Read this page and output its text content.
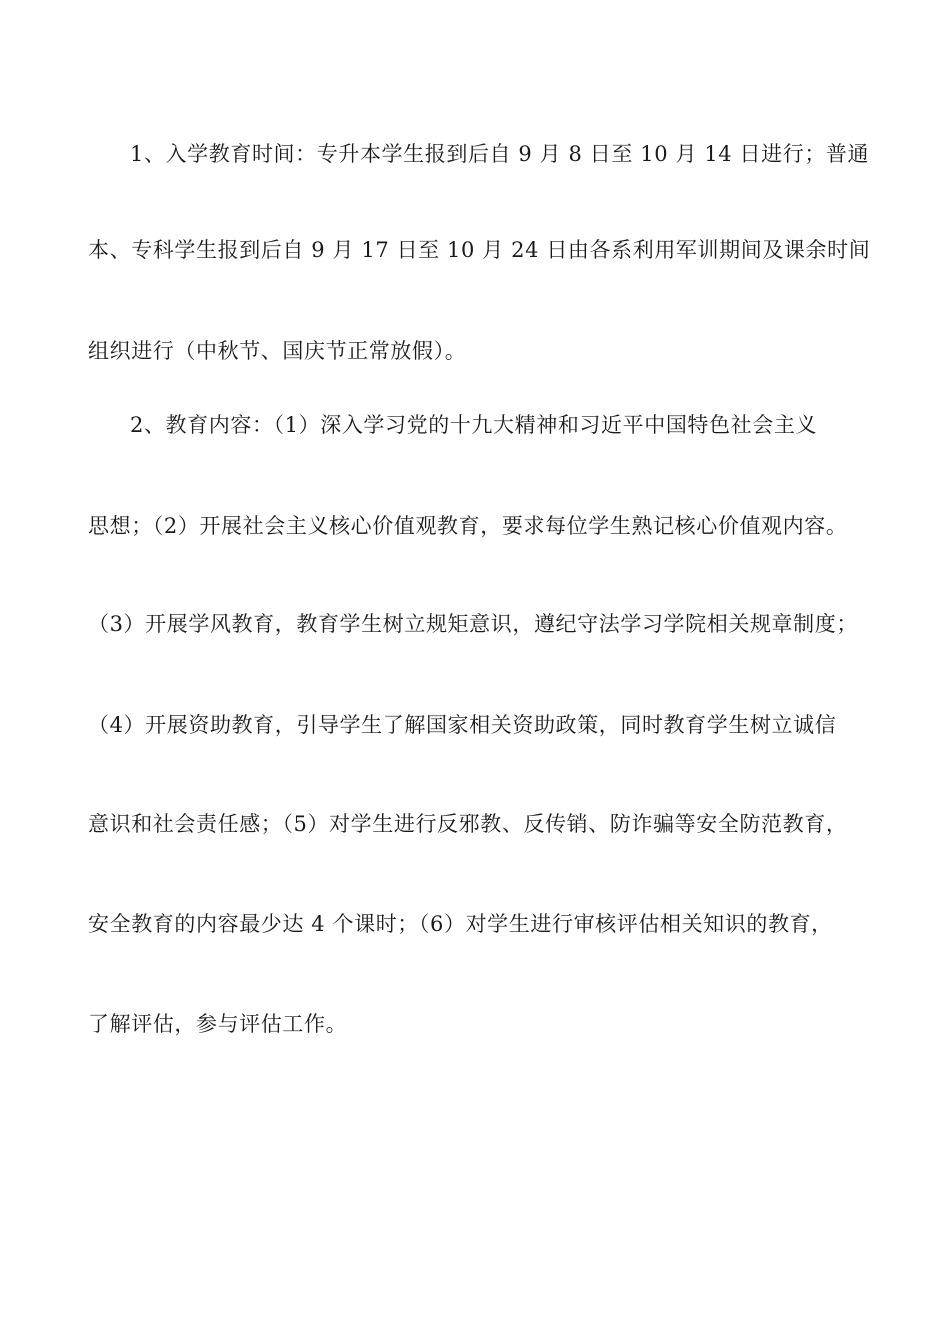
1、入学教育时间：专升本学生报到后自 9 月 8 日至 10 月 14 日进行；普通

本、专科学生报到后自 9 月 17 日至 10 月 24 日由各系利用军训期间及课余时间

组织进行（中秋节、国庆节正常放假）。

2、教育内容：（1）深入学习党的十九大精神和习近平中国特色社会主义

思想；（2）开展社会主义核心价值观教育，要求每位学生熟记核心价值观内容。

（3）开展学风教育，教育学生树立规矩意识，遵纪守法学习学院相关规章制度；

（4）开展资助教育，引导学生了解国家相关资助政策，同时教育学生树立诚信

意识和社会责任感；（5）对学生进行反邪教、反传销、防诈骗等安全防范教育，

安全教育的内容最少达 4 个课时；（6）对学生进行审核评估相关知识的教育，

了解评估，参与评估工作。
